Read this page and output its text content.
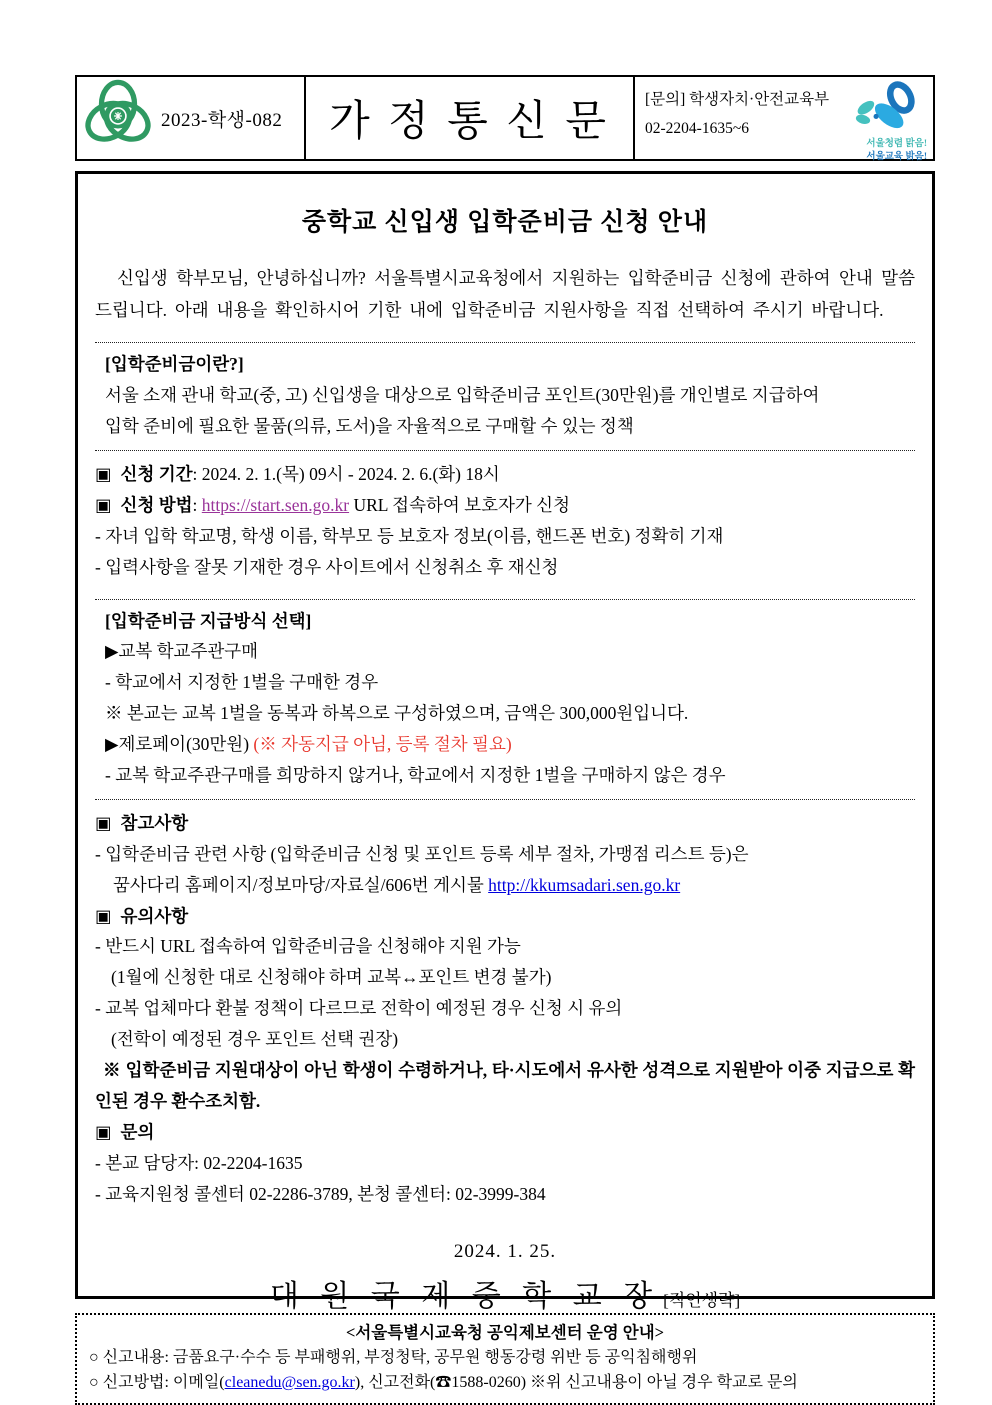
2023-학생-082 가 정 통 신 문 [문의] 학생자치·안전교육부
02-2204-1635~6
서울청렴 맑음!
서울교육 밝음!
중학교 신입생 입학준비금 신청 안내
신입생 학부모님, 안녕하십니까? 서울특별시교육청에서 지원하는 입학준비금 신청에 관하여 안내 말씀드립니다. 아래 내용을 확인하시어 기한 내에 입학준비금 지원사항을 직접 선택하여 주시기 바랍니다.
[입학준비금이란?]
서울 소재 관내 학교(중, 고) 신입생을 대상으로 입학준비금 포인트(30만원)를 개인별로 지급하여
입학 준비에 필요한 물품(의류, 도서)을 자율적으로 구매할 수 있는 정책
▣ 신청 기간: 2024. 2. 1.(목) 09시 - 2024. 2. 6.(화) 18시
▣ 신청 방법: https://start.sen.go.kr URL 접속하여 보호자가 신청
- 자녀 입학 학교명, 학생 이름, 학부모 등 보호자 정보(이름, 핸드폰 번호) 정확히 기재
- 입력사항을 잘못 기재한 경우 사이트에서 신청취소 후 재신청
[입학준비금 지급방식 선택]
▶교복 학교주관구매
- 학교에서 지정한 1벌을 구매한 경우
※ 본교는 교복 1벌을 동복과 하복으로 구성하였으며, 금액은 300,000원입니다.
▶제로페이(30만원) (※ 자동지급 아님, 등록 절차 필요)
- 교복 학교주관구매를 희망하지 않거나, 학교에서 지정한 1벌을 구매하지 않은 경우
▣ 참고사항
- 입학준비금 관련 사항 (입학준비금 신청 및 포인트 등록 세부 절차, 가맹점 리스트 등)은
꿈사다리 홈페이지/정보마당/자료실/606번 게시물 http://kkumsadari.sen.go.kr
▣ 유의사항
- 반드시 URL 접속하여 입학준비금을 신청해야 지원 가능
(1월에 신청한 대로 신청해야 하며 교복↔포인트 변경 불가)
- 교복 업체마다 환불 정책이 다르므로 전학이 예정된 경우 신청 시 유의
(전학이 예정된 경우 포인트 선택 권장)
※ 입학준비금 지원대상이 아닌 학생이 수령하거나, 타·시도에서 유사한 성격으로 지원받아 이중 지급으로 확인된 경우 환수조치함.
▣ 문의
- 본교 담당자: 02-2204-1635
- 교육지원청 콜센터 02-2286-3789, 본청 콜센터: 02-3999-384
2024. 1. 25.
대 원 국 제 중 학 교 장 [직인생략]
<서울특별시교육청 공익제보센터 운영 안내>
○ 신고내용: 금품요구·수수 등 부패행위, 부정청탁, 공무원 행동강령 위반 등 공익침해행위
○ 신고방법: 이메일(cleanedu@sen.go.kr), 신고전화(☎1588-0260) ※위 신고내용이 아닐 경우 학교로 문의
